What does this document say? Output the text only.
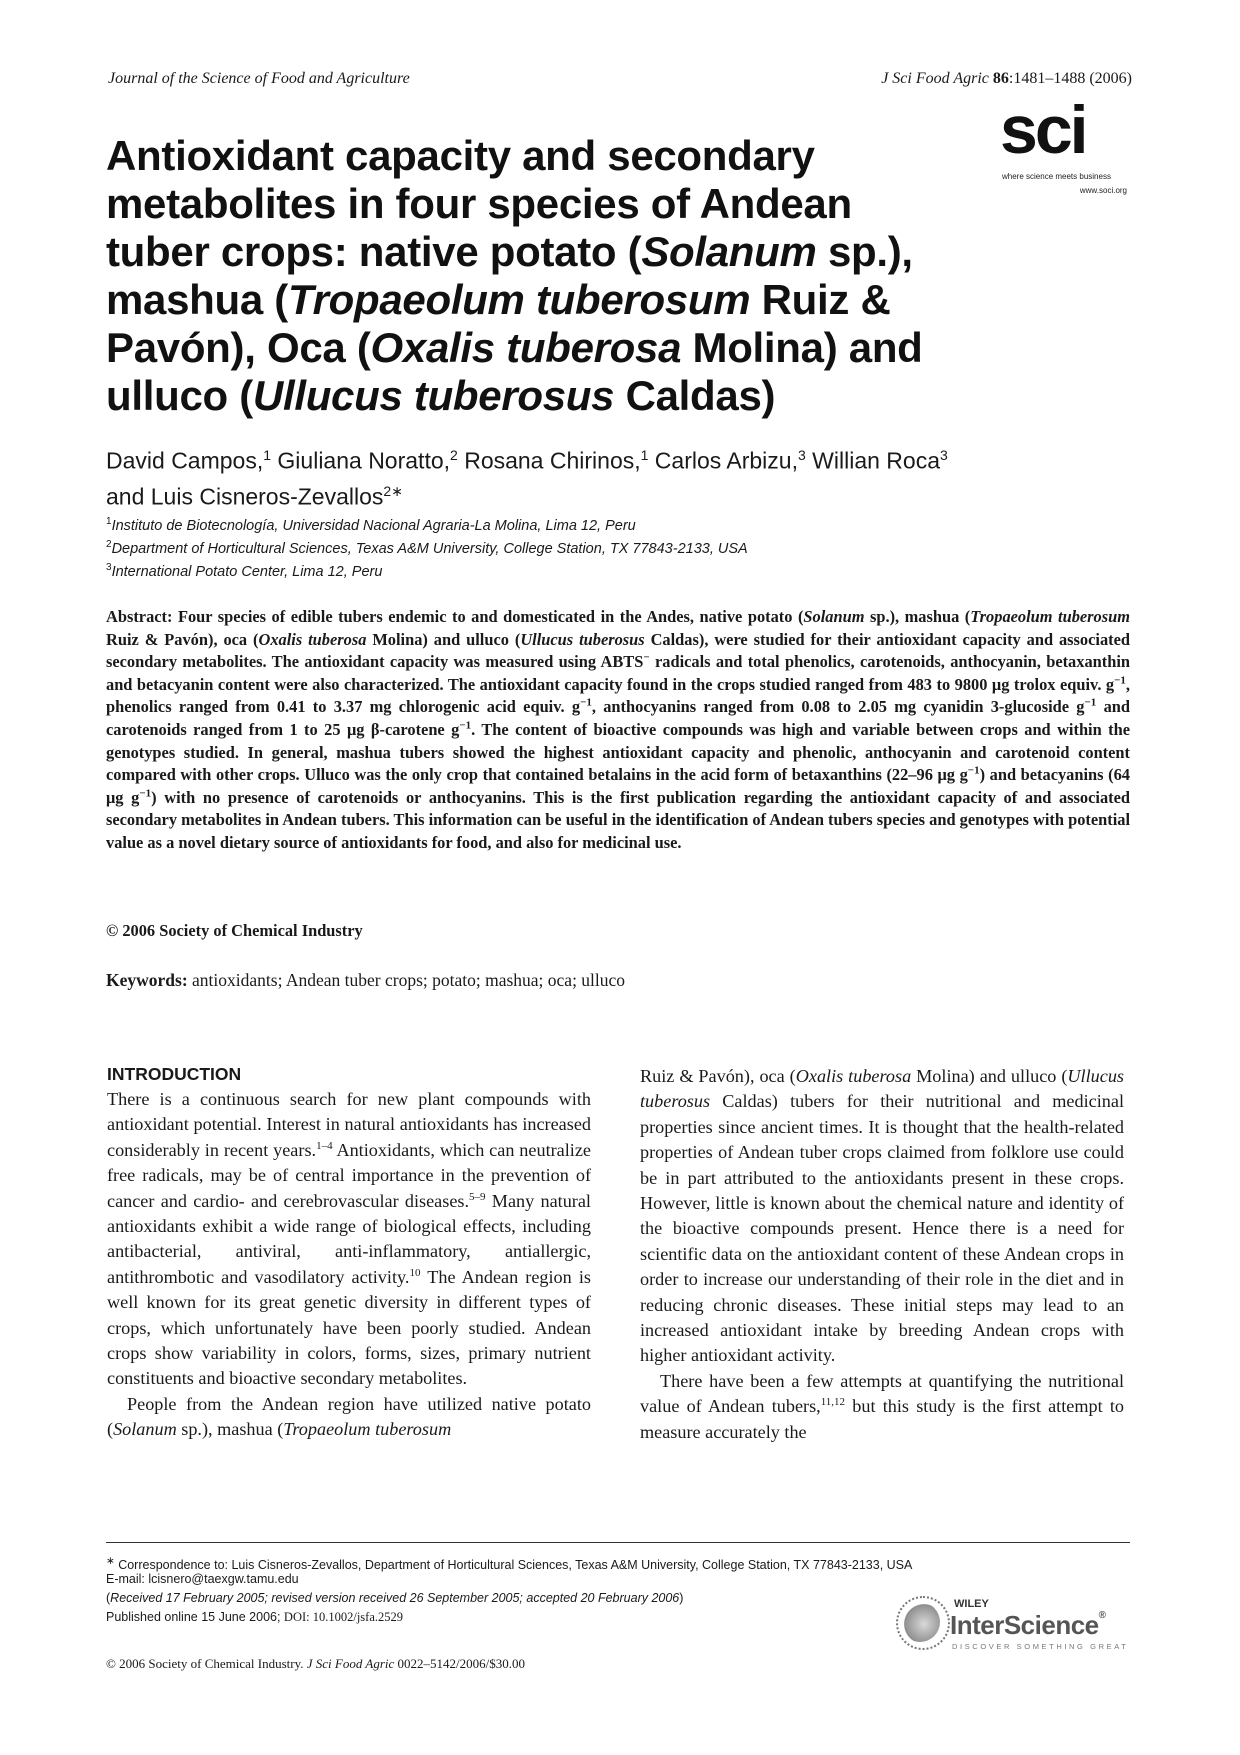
Journal of the Science of Food and Agriculture	J Sci Food Agric 86:1481–1488 (2006)
sci
where science meets business
www.soci.org
Antioxidant capacity and secondary
metabolites in four species of Andean
tuber crops: native potato (Solanum sp.),
mashua (Tropaeolum tuberosum Ruiz &
Pavón), Oca (Oxalis tuberosa Molina) and
ulluco (Ullucus tuberosus Caldas)
David Campos,$^1$ Giuliana Noratto,$^2$ Rosana Chirinos,$^1$ Carlos Arbizu,$^3$ Willian Roca$^3$
and Luis Cisneros-Zevallos$^{2∗}$
$^1$Instituto de Biotecnología, Universidad Nacional Agraria-La Molina, Lima 12, Peru
$^2$Department of Horticultural Sciences, Texas A&M University, College Station, TX 77843-2133, USA
$^3$International Potato Center, Lima 12, Peru
Abstract: Four species of edible tubers endemic to and domesticated in the Andes, native potato (Solanum sp.), mashua (Tropaeolum tuberosum Ruiz & Pavón), oca (Oxalis tuberosa Molina) and ulluco (Ullucus tuberosus Caldas), were studied for their antioxidant capacity and associated secondary metabolites. The antioxidant capacity was measured using ABTS− radicals and total phenolics, carotenoids, anthocyanin, betaxanthin and betacyanin content were also characterized. The antioxidant capacity found in the crops studied ranged from 483 to 9800 μg trolox equiv. $g^{-1}$, phenolics ranged from 0.41 to 3.37 mg chlorogenic acid equiv. $g^{-1}$, anthocyanins ranged from 0.08 to 2.05 mg cyanidin 3-glucoside $g^{-1}$ and carotenoids ranged from 1 to 25 μg β-carotene $g^{-1}$. The content of bioactive compounds was high and variable between crops and within the genotypes studied. In general, mashua tubers showed the highest antioxidant capacity and phenolic, anthocyanin and carotenoid content compared with other crops. Ulluco was the only crop that contained betalains in the acid form of betaxanthins (22–96 μg $g^{-1}$) and betacyanins (64 μg $g^{-1}$) with no presence of carotenoids or anthocyanins. This is the first publication regarding the antioxidant capacity of and associated secondary metabolites in Andean tubers. This information can be useful in the identification of Andean tubers species and genotypes with potential value as a novel dietary source of antioxidants for food, and also for medicinal use.
© 2006 Society of Chemical Industry
Keywords: antioxidants; Andean tuber crops; potato; mashua; oca; ulluco
INTRODUCTION

There is a continuous search for new plant compounds with antioxidant potential. Interest in natural antioxidants has increased considerably in recent years.$^{1-4}$ Antioxidants, which can neutralize free radicals, may be of central importance in the prevention of cancer and cardio- and cerebrovascular diseases.$^{5-9}$ Many natural antioxidants exhibit a wide range of biological effects, including antibacterial, antiviral, anti-inflammatory, antiallergic, antithrombotic and vasodilatory activity.$^{10}$ The Andean region is well known for its great genetic diversity in different types of crops, which unfortunately have been poorly studied. Andean crops show variability in colors, forms, sizes, primary nutrient constituents and bioactive secondary metabolites.

People from the Andean region have utilized native potato (Solanum sp.), mashua (Tropaeolum tuberosum

Ruiz & Pavón), oca (Oxalis tuberosa Molina) and ulluco (Ullucus tuberosus Caldas) tubers for their nutritional and medicinal properties since ancient times. It is thought that the health-related properties of Andean tuber crops claimed from folklore use could be in part attributed to the antioxidants present in these crops. However, little is known about the chemical nature and identity of the bioactive compounds present. Hence there is a need for scientific data on the antioxidant content of these Andean crops in order to increase our understanding of their role in the diet and in reducing chronic diseases. These initial steps may lead to an increased antioxidant intake by breeding Andean crops with higher antioxidant activity.

There have been a few attempts at quantifying the nutritional value of Andean tubers,$^{11,12}$ but this study is the first attempt to measure accurately the

∗ Correspondence to: Luis Cisneros-Zevallos, Department of Horticultural Sciences, Texas A&M University, College Station, TX 77843-2133, USA
E-mail: lcisnero@taexgw.tamu.edu
(Received 17 February 2005; revised version received 26 September 2005; accepted 20 February 2006)
Published online 15 June 2006; DOI: 10.1002/jsfa.2529
© 2006 Society of Chemical Industry. J Sci Food Agric 0022–5142/2006/$30.00
WILEY
InterScience®
DISCOVER SOMETHING GREAT
